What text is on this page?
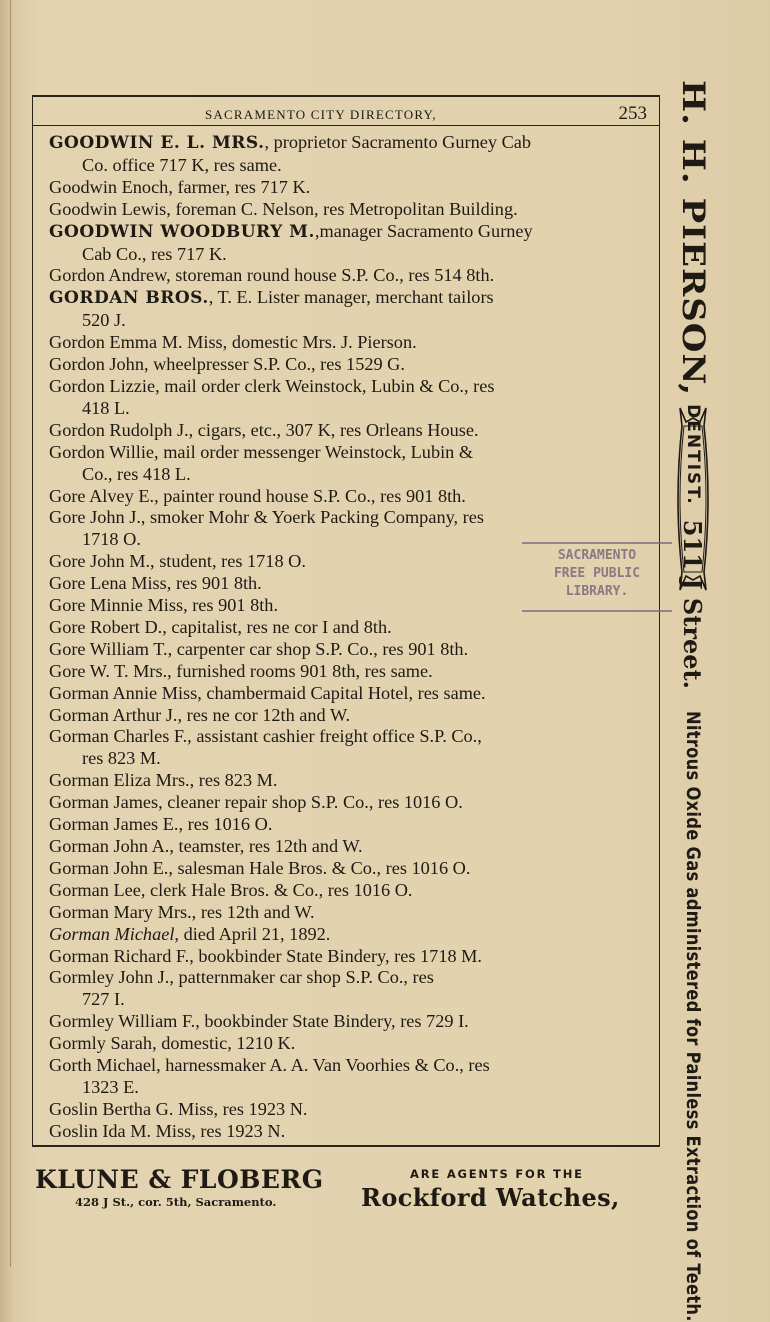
SACRAMENTO CITY DIRECTORY,	253
GOODWIN E. L. MRS., proprietor Sacramento Gurney Cab
Co. office 717 K, res same.
Goodwin Enoch, farmer, res 717 K.
Goodwin Lewis, foreman C. Nelson, res Metropolitan Building.
GOODWIN WOODBURY M.,manager Sacramento Gurney
Cab Co., res 717 K.
Gordon Andrew, storeman round house S.P. Co., res 514 8th.
GORDAN BROS., T. E. Lister manager, merchant tailors
520 J.
Gordon Emma M. Miss, domestic Mrs. J. Pierson.
Gordon John, wheelpresser S.P. Co., res 1529 G.
Gordon Lizzie, mail order clerk Weinstock, Lubin & Co., res
418 L.
Gordon Rudolph J., cigars, etc., 307 K, res Orleans House.
Gordon Willie, mail order messenger Weinstock, Lubin &
Co., res 418 L.
Gore Alvey E., painter round house S.P. Co., res 901 8th.
Gore John J., smoker Mohr & Yoerk Packing Company, res
1718 O.
Gore John M., student, res 1718 O.
Gore Lena Miss, res 901 8th.
Gore Minnie Miss, res 901 8th.
Gore Robert D., capitalist, res ne cor I and 8th.
Gore William T., carpenter car shop S.P. Co., res 901 8th.
Gore W. T. Mrs., furnished rooms 901 8th, res same.
Gorman Annie Miss, chambermaid Capital Hotel, res same.
Gorman Arthur J., res ne cor 12th and W.
Gorman Charles F., assistant cashier freight office S.P. Co.,
res 823 M.
Gorman Eliza Mrs., res 823 M.
Gorman James, cleaner repair shop S.P. Co., res 1016 O.
Gorman James E., res 1016 O.
Gorman John A., teamster, res 12th and W.
Gorman John E., salesman Hale Bros. & Co., res 1016 O.
Gorman Lee, clerk Hale Bros. & Co., res 1016 O.
Gorman Mary Mrs., res 12th and W.
Gorman Michael, died April 21, 1892.
Gorman Richard F., bookbinder State Bindery, res 1718 M.
Gormley John J., patternmaker car shop S.P. Co., res
727 I.
Gormley William F., bookbinder State Bindery, res 729 I.
Gormly Sarah, domestic, 1210 K.
Gorth Michael, harnessmaker A. A. Van Voorhies & Co., res
1323 E.
Goslin Bertha G. Miss, res 1923 N.
Goslin Ida M. Miss, res 1923 N.
SACRAMENTO
FREE PUBLIC
LIBRARY.
H. H. PIERSON,
DENTIST.
511 J Street.
Nitrous Oxide Gas administered for Painless Extraction of Teeth.
KLUNE & FLOBERG
428 J St., cor. 5th, Sacramento.
ARE AGENTS FOR THE
Rockford Watches,
